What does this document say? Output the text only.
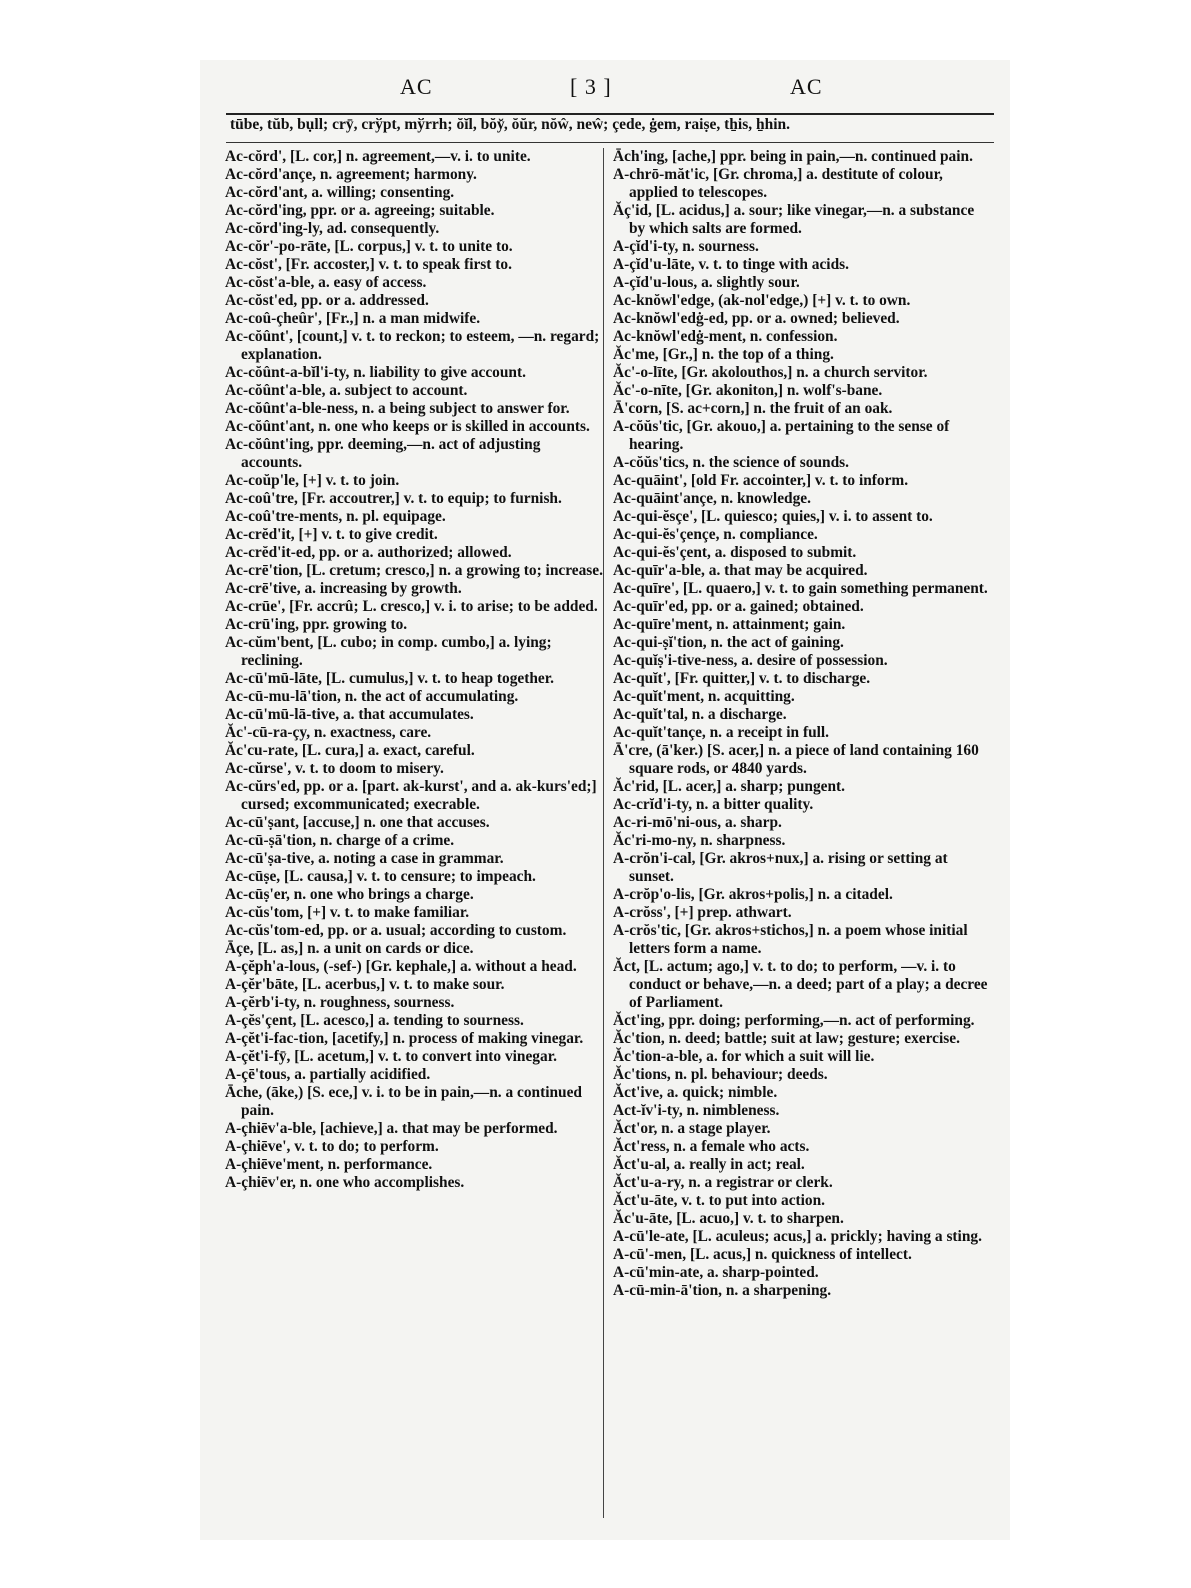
AC	[ 3 ]	AC
tūbe, tŭb, bụll; crȳ, crўpt, mўrrh; ŏĭl, bŏy̆, ŏŭr, nŏŵ, neŵ; çede, ġem, raiṣe, tẖis, ẖhin.

Ac-cŏrd', [L. cor,] n. agreement,—v. i. to unite.

Ac-cŏrd'ançe, n. agreement; harmony.

Ac-cŏrd'ant, a. willing; consenting.

Ac-cŏrd'ing, ppr. or a. agreeing; suitable.

Ac-cŏrd'ing-ly, ad. consequently.

Ac-cŏr'-po-rāte, [L. corpus,] v. t. to unite to.

Ac-cŏst', [Fr. accoster,] v. t. to speak first to.

Ac-cŏst'a-ble, a. easy of access.

Ac-cŏst'ed, pp. or a. addressed.

Ac-coû-çheûr', [Fr.,] n. a man midwife.

Ac-cŏûnt', [count,] v. t. to reckon; to esteem, —n. regard; explanation.

Ac-cŏûnt-a-bĭl'i-ty, n. liability to give account.

Ac-cŏûnt'a-ble, a. subject to account.

Ac-cŏûnt'a-ble-ness, n. a being subject to answer for.

Ac-cŏûnt'ant, n. one who keeps or is skilled in accounts.

Ac-cŏûnt'ing, ppr. deeming,—n. act of adjusting accounts.

Ac-coŭp'le, [+] v. t. to join.

Ac-coû'tre, [Fr. accoutrer,] v. t. to equip; to furnish.

Ac-coû'tre-ments, n. pl. equipage.

Ac-crĕd'it, [+] v. t. to give credit.

Ac-crĕd'it-ed, pp. or a. authorized; allowed.

Ac-crē'tion, [L. cretum; cresco,] n. a growing to; increase.

Ac-crē'tive, a. increasing by growth.

Ac-crūe', [Fr. accrû; L. cresco,] v. i. to arise; to be added.

Ac-crū'ing, ppr. growing to.

Ac-cŭm'bent, [L. cubo; in comp. cumbo,] a. lying; reclining.

Ac-cū'mū-lāte, [L. cumulus,] v. t. to heap together.

Ac-cū-mu-lā'tion, n. the act of accumulating.

Ac-cū'mū-lā-tive, a. that accumulates.

Ăc'-cū-ra-çy, n. exactness, care.

Ăc'cu-rate, [L. cura,] a. exact, careful.

Ac-cŭrse', v. t. to doom to misery.

Ac-cŭrs'ed, pp. or a. [part. ak-kurst', and a. ak-kurs'ed;] cursed; excommunicated; execrable.

Ac-cū'ṣant, [accuse,] n. one that accuses.

Ac-cū-ṣā'tion, n. charge of a crime.

Ac-cū'ṣa-tive, a. noting a case in grammar.

Ac-cūṣe, [L. causa,] v. t. to censure; to impeach.

Ac-cūṣ'er, n. one who brings a charge.

Ac-cŭs'tom, [+] v. t. to make familiar.

Ac-cŭs'tom-ed, pp. or a. usual; according to custom.

Āçe, [L. as,] n. a unit on cards or dice.

A-çĕph'a-lous, (-sef-) [Gr. kephale,] a. without a head.

A-çĕr'bāte, [L. acerbus,] v. t. to make sour.

A-çĕrb'i-ty, n. roughness, sourness.

A-çĕs'çent, [L. acesco,] a. tending to sourness.

A-çĕt'i-fac-tion, [acetify,] n. process of making vinegar.

A-çĕt'i-fȳ, [L. acetum,] v. t. to convert into vinegar.

A-çē'tous, a. partially acidified.

Āche, (āke,) [S. ece,] v. i. to be in pain,—n. a continued pain.

A-çhiēv'a-ble, [achieve,] a. that may be performed.

A-çhiēve', v. t. to do; to perform.

A-çhiēve'ment, n. performance.

A-çhiēv'er, n. one who accomplishes.

Āch'ing, [ache,] ppr. being in pain,—n. continued pain.

A-chrō-măt'ic, [Gr. chroma,] a. destitute of colour, applied to telescopes.

Ăç'id, [L. acidus,] a. sour; like vinegar,—n. a substance by which salts are formed.

A-çĭd'i-ty, n. sourness.

A-çĭd'u-lāte, v. t. to tinge with acids.

A-çĭd'u-lous, a. slightly sour.

Ac-knŏwl'edge, (ak-nol'edge,) [+] v. t. to own.

Ac-knŏwl'edġ-ed, pp. or a. owned; believed.

Ac-knŏwl'edġ-ment, n. confession.

Ăc'me, [Gr.,] n. the top of a thing.

Ăc'-o-līte, [Gr. akolouthos,] n. a church servitor.

Ăc'-o-nīte, [Gr. akoniton,] n. wolf's-bane.

Ā'corn, [S. ac+corn,] n. the fruit of an oak.

A-cŏŭs'tic, [Gr. akouo,] a. pertaining to the sense of hearing.

A-cŏŭs'tics, n. the science of sounds.

Ac-quāint', [old Fr. accointer,] v. t. to inform.

Ac-quāint'ançe, n. knowledge.

Ac-qui-ĕsçe', [L. quiesco; quies,] v. i. to assent to.

Ac-qui-ĕs'çençe, n. compliance.

Ac-qui-ĕs'çent, a. disposed to submit.

Ac-quīr'a-ble, a. that may be acquired.

Ac-quīre', [L. quaero,] v. t. to gain something permanent.

Ac-quīr'ed, pp. or a. gained; obtained.

Ac-quīre'ment, n. attainment; gain.

Ac-qui-ṣĭ'tion, n. the act of gaining.

Ac-quĭṣ'i-tive-ness, a. desire of possession.

Ac-quĭt', [Fr. quitter,] v. t. to discharge.

Ac-quĭt'ment, n. acquitting.

Ac-quĭt'tal, n. a discharge.

Ac-quĭt'tançe, n. a receipt in full.

Ā'cre, (ā'ker.) [S. acer,] n. a piece of land containing 160 square rods, or 4840 yards.

Ăc'rid, [L. acer,] a. sharp; pungent.

Ac-crĭd'i-ty, n. a bitter quality.

Ac-ri-mō'ni-ous, a. sharp.

Ăc'ri-mo-ny, n. sharpness.

A-crŏn'i-cal, [Gr. akros+nux,] a. rising or setting at sunset.

A-crŏp'o-lis, [Gr. akros+polis,] n. a citadel.

A-crŏss', [+] prep. athwart.

A-crŏs'tic, [Gr. akros+stichos,] n. a poem whose initial letters form a name.

Ăct, [L. actum; ago,] v. t. to do; to perform, —v. i. to conduct or behave,—n. a deed; part of a play; a decree of Parliament.

Ăct'ing, ppr. doing; performing,—n. act of performing.

Ăc'tion, n. deed; battle; suit at law; gesture; exercise.

Ăc'tion-a-ble, a. for which a suit will lie.

Ăc'tions, n. pl. behaviour; deeds.

Ăct'ive, a. quick; nimble.

Act-ĭv'i-ty, n. nimbleness.

Ăct'or, n. a stage player.

Ăct'ress, n. a female who acts.

Ăct'u-al, a. really in act; real.

Ăct'u-a-ry, n. a registrar or clerk.

Ăct'u-āte, v. t. to put into action.

Ăc'u-āte, [L. acuo,] v. t. to sharpen.

A-cū'le-ate, [L. aculeus; acus,] a. prickly; having a sting.

A-cū'-men, [L. acus,] n. quickness of intellect.

A-cū'min-ate, a. sharp-pointed.

A-cū-min-ā'tion, n. a sharpening.
